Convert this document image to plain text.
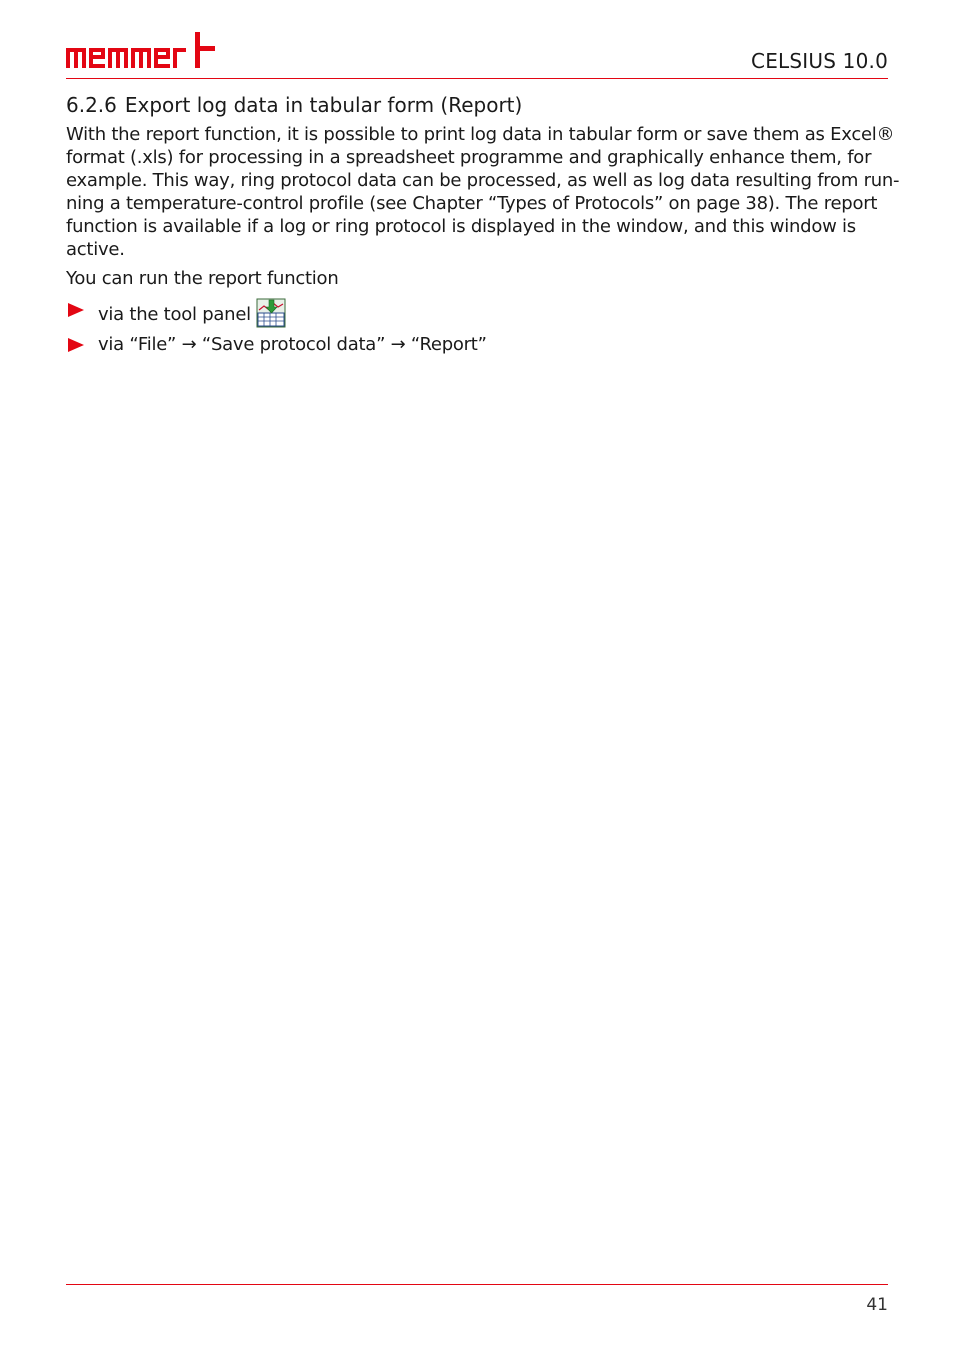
CELSIUS 10.0
6.2.6 Export log data in tabular form (Report)

With the report function, it is possible to print log data in tabular form or save them as Excel®
format (.xls) for processing in a spreadsheet programme and graphically enhance them, for
example. This way, ring protocol data can be processed, as well as log data resulting from run-
ning a temperature-control profile (see Chapter “Types of Protocols” on page 38). The report
function is available if a log or ring protocol is displayed in the window, and this window is
active.

You can run the report function

via the tool panel
via “File” → “Save protocol data” → “Report”
41
